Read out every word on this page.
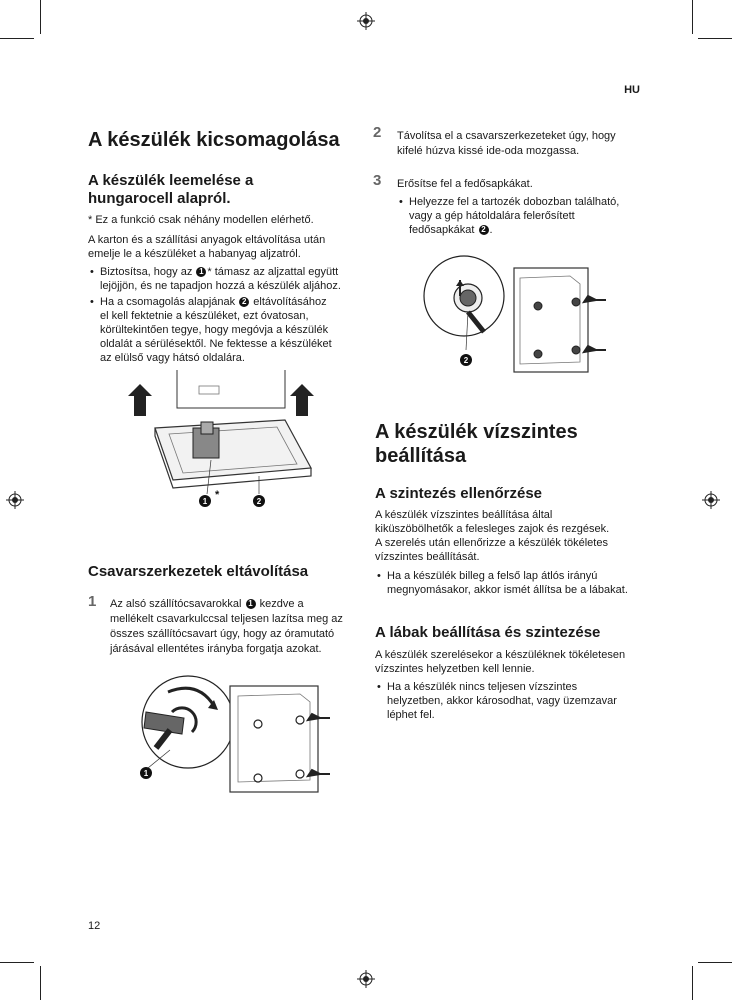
HU
A készülék kicsomagolása
A készülék leemelése a
hungarocell alapról.

* Ez a funkció csak néhány modellen elérhető.

A karton és a szállítási anyagok eltávolítása után
emelje le a készüléket a habanyag aljzatról.

• Biztosítsa, hogy az 1 * támasz az aljzattal együtt
lejöjjön, és ne tapadjon hozzá a készülék aljához.
• Ha a csomagolás alapjának 2 eltávolításához
el kell fektetnie a készüléket, ezt óvatosan,
körültekintően tegye, hogy megóvja a készülék
oldalát a sérülésektől. Ne fektesse a készüléket
az elülső vagy hátsó oldalára.
1
*
2
Csavarszerkezetek eltávolítása
1 Az alsó szállítócsavarokkal 1 kezdve a
mellékelt csavarkulccsal teljesen lazítsa meg az
összes szállítócsavart úgy, hogy az óramutató
járásával ellentétes irányba forgatja azokat.
1
12
2 Távolítsa el a csavarszerkezeteket úgy, hogy
kifelé húzva kissé ide-oda mozgassa.
3 Erősítse fel a fedősapkákat.
• Helyezze fel a tartozék dobozban található,
vagy a gép hátoldalára felerősített
fedősapkákat 2 .
2
A készülék vízszintes
beállítása
A szintezés ellenőrzése

A készülék vízszintes beállítása által
kiküszöbölhetők a felesleges zajok és rezgések.
A szerelés után ellenőrizze a készülék tökéletes
vízszintes beállítását.

• Ha a készülék billeg a felső lap átlós irányú
megnyomásakor, akkor ismét állítsa be a lábakat.
A lábak beállítása és szintezése

A készülék szerelésekor a készüléknek tökéletesen
vízszintes helyzetben kell lennie.

• Ha a készülék nincs teljesen vízszintes
helyzetben, akkor károsodhat, vagy üzemzavar
léphet fel.
